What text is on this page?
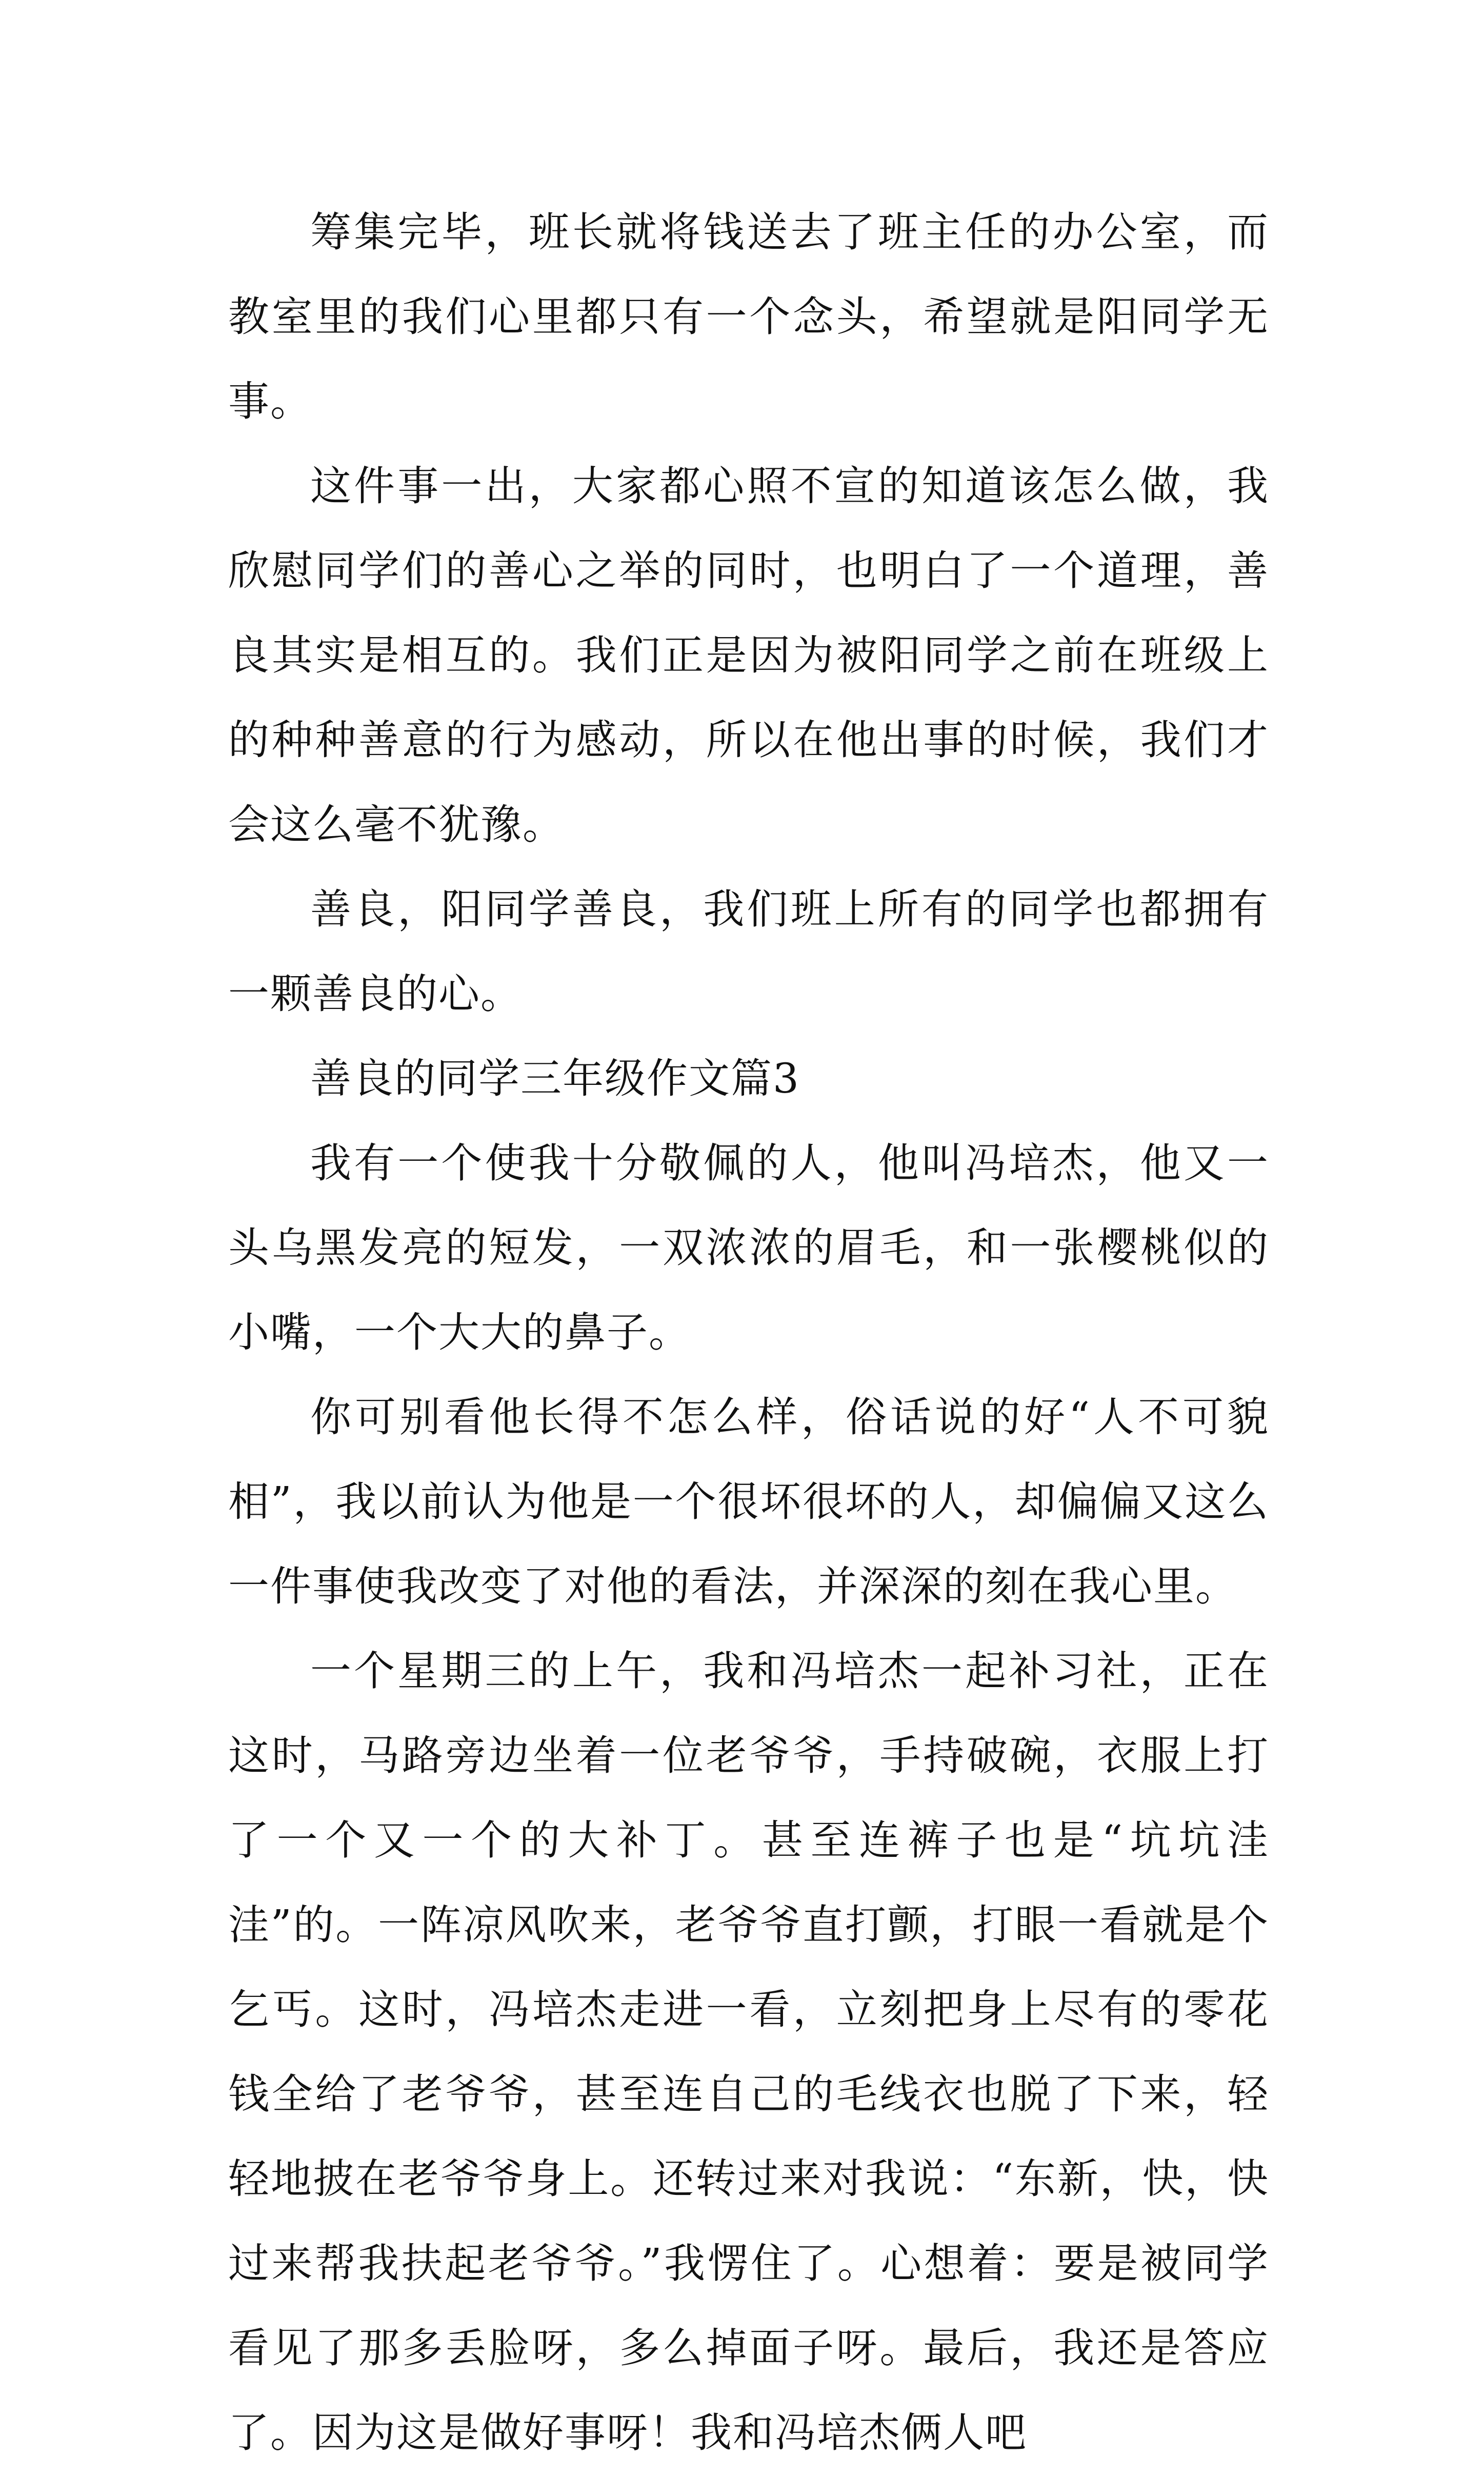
筹集完毕，班长就将钱送去了班主任的办公室，而教室里的我们心里都只有一个念头，希望就是阳同学无事。

这件事一出，大家都心照不宣的知道该怎么做，我欣慰同学们的善心之举的同时，也明白了一个道理，善良其实是相互的。我们正是因为被阳同学之前在班级上的种种善意的行为感动，所以在他出事的时候，我们才会这么毫不犹豫。

善良，阳同学善良，我们班上所有的同学也都拥有一颗善良的心。

善良的同学三年级作文篇3

我有一个使我十分敬佩的人，他叫冯培杰，他又一头乌黑发亮的短发，一双浓浓的眉毛，和一张樱桃似的小嘴，一个大大的鼻子。

你可别看他长得不怎么样，俗话说的好“人不可貌相”，我以前认为他是一个很坏很坏的人，却偏偏又这么一件事使我改变了对他的看法，并深深的刻在我心里。

一个星期三的上午，我和冯培杰一起补习社，正在这时，马路旁边坐着一位老爷爷，手持破碗，衣服上打了一个又一个的大补丁。甚至连裤子也是“坑坑洼洼”的。一阵凉风吹来，老爷爷直打颤，打眼一看就是个乞丐。这时，冯培杰走进一看，立刻把身上尽有的零花钱全给了老爷爷，甚至连自己的毛线衣也脱了下来，轻轻地披在老爷爷身上。还转过来对我说：“东新，快，快过来帮我扶起老爷爷。”我愣住了。心想着：要是被同学看见了那多丢脸呀，多么掉面子呀。最后，我还是答应了。因为这是做好事呀！我和冯培杰俩人吧
